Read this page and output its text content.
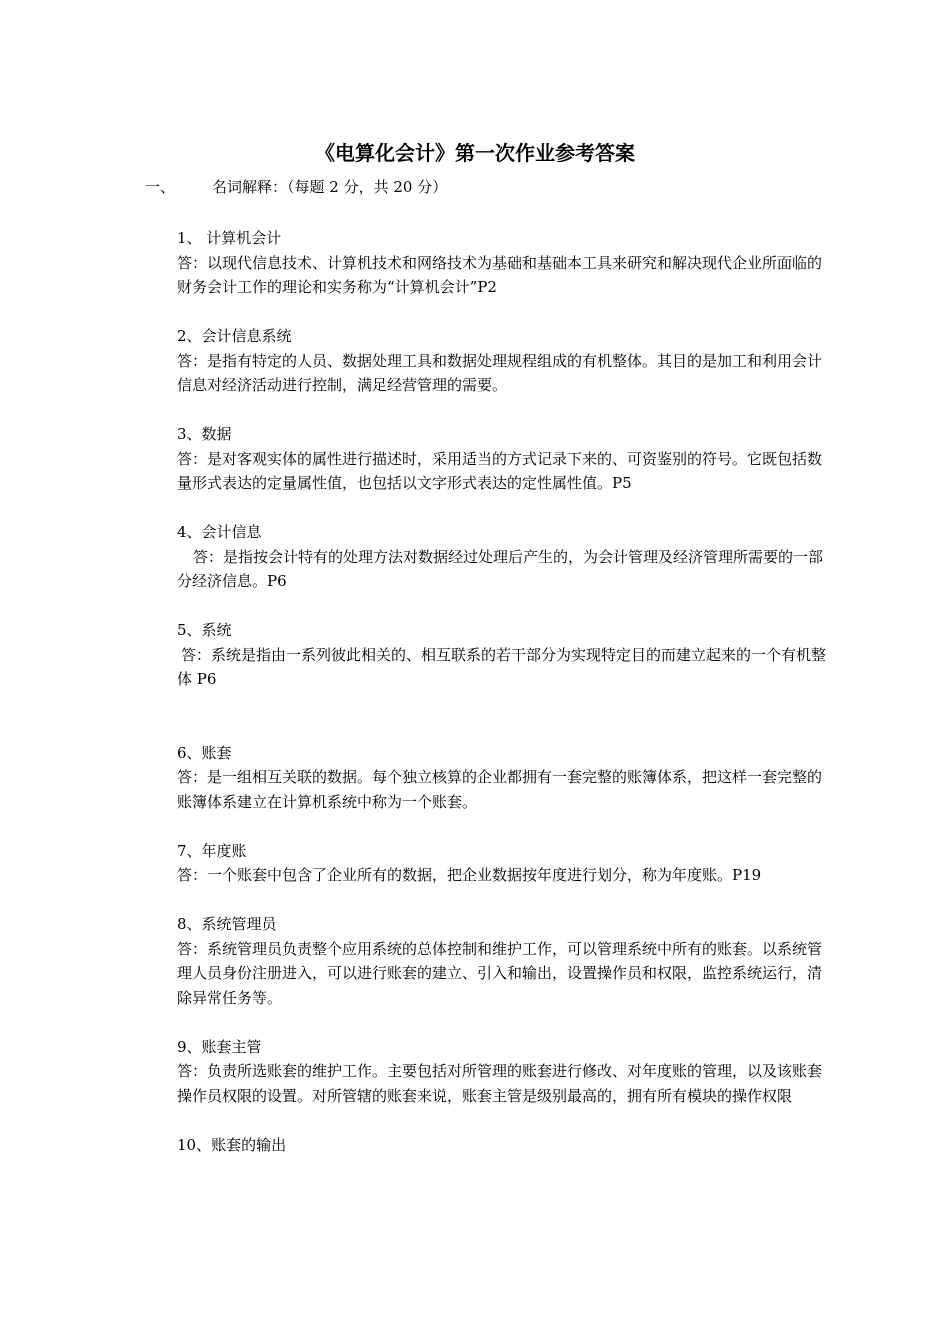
《电算化会计》第一次作业参考答案
一、 名词解释：（每题 2 分，共 20 分）

1、 计算机会计

答：以现代信息技术、计算机技术和网络技术为基础和基础本工具来研究和解决现代企业所面临的财务会计工作的理论和实务称为“计算机会计”P2

2、会计信息系统

答：是指有特定的人员、数据处理工具和数据处理规程组成的有机整体。其目的是加工和利用会计信息对经济活动进行控制，满足经营管理的需要。

3、数据

答：是对客观实体的属性进行描述时，采用适当的方式记录下来的、可资鉴别的符号。它既包括数量形式表达的定量属性值，也包括以文字形式表达的定性属性值。P5

4、会计信息

答：是指按会计特有的处理方法对数据经过处理后产生的，为会计管理及经济管理所需要的一部分经济信息。P6

5、系统

答：系统是指由一系列彼此相关的、相互联系的若干部分为实现特定目的而建立起来的一个有机整体 P6

6、账套

答：是一组相互关联的数据。每个独立核算的企业都拥有一套完整的账簿体系，把这样一套完整的账簿体系建立在计算机系统中称为一个账套。

7、年度账

答：一个账套中包含了企业所有的数据，把企业数据按年度进行划分，称为年度账。P19

8、系统管理员

答：系统管理员负责整个应用系统的总体控制和维护工作，可以管理系统中所有的账套。以系统管理人员身份注册进入，可以进行账套的建立、引入和输出，设置操作员和权限，监控系统运行，清除异常任务等。

9、账套主管

答：负责所选账套的维护工作。主要包括对所管理的账套进行修改、对年度账的管理，以及该账套操作员权限的设置。对所管辖的账套来说，账套主管是级别最高的，拥有所有模块的操作权限

10、账套的输出
